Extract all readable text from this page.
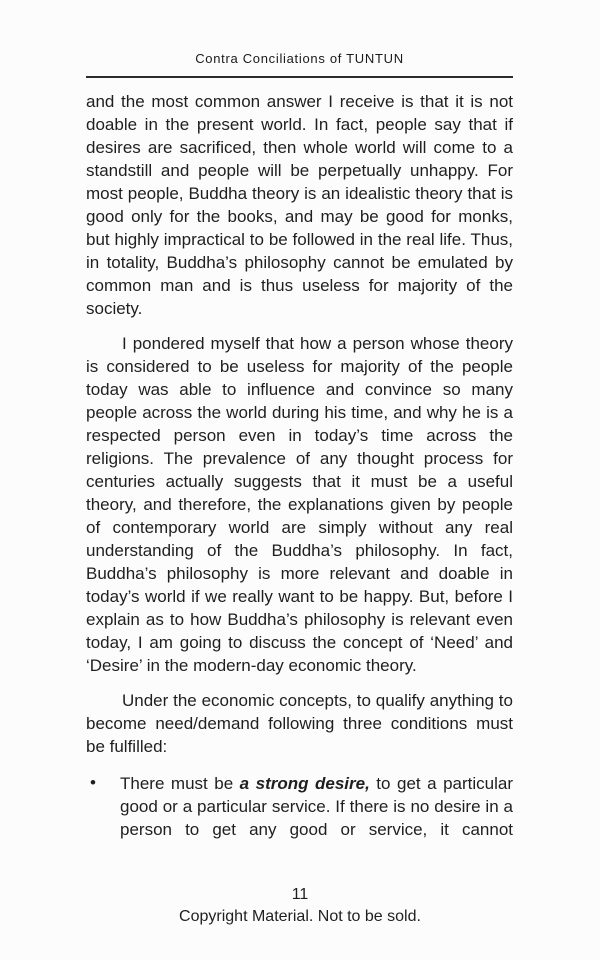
Contra Conciliations of TUNTUN

and the most common answer I receive is that it is not doable in the present world. In fact, people say that if desires are sacrificed, then whole world will come to a standstill and people will be perpetually unhappy. For most people, Buddha theory is an idealistic theory that is good only for the books, and may be good for monks, but highly impractical to be followed in the real life. Thus, in totality, Buddha’s philosophy cannot be emulated by common man and is thus useless for majority of the society.

I pondered myself that how a person whose theory is considered to be useless for majority of the people today was able to influence and convince so many people across the world during his time, and why he is a respected person even in today’s time across the religions. The prevalence of any thought process for centuries actually suggests that it must be a useful theory, and therefore, the explanations given by people of contemporary world are simply without any real understanding of the Buddha’s philosophy. In fact, Buddha’s philosophy is more relevant and doable in today’s world if we really want to be happy. But, before I explain as to how Buddha’s philosophy is relevant even today, I am going to discuss the concept of ‘Need’ and ‘Desire’ in the modern-day economic theory.

Under the economic concepts, to qualify anything to become need/demand following three conditions must be fulfilled:

• There must be a strong desire, to get a particular good or a particular service. If there is no desire in a person to get any good or service, it cannot
11
Copyright Material. Not to be sold.
